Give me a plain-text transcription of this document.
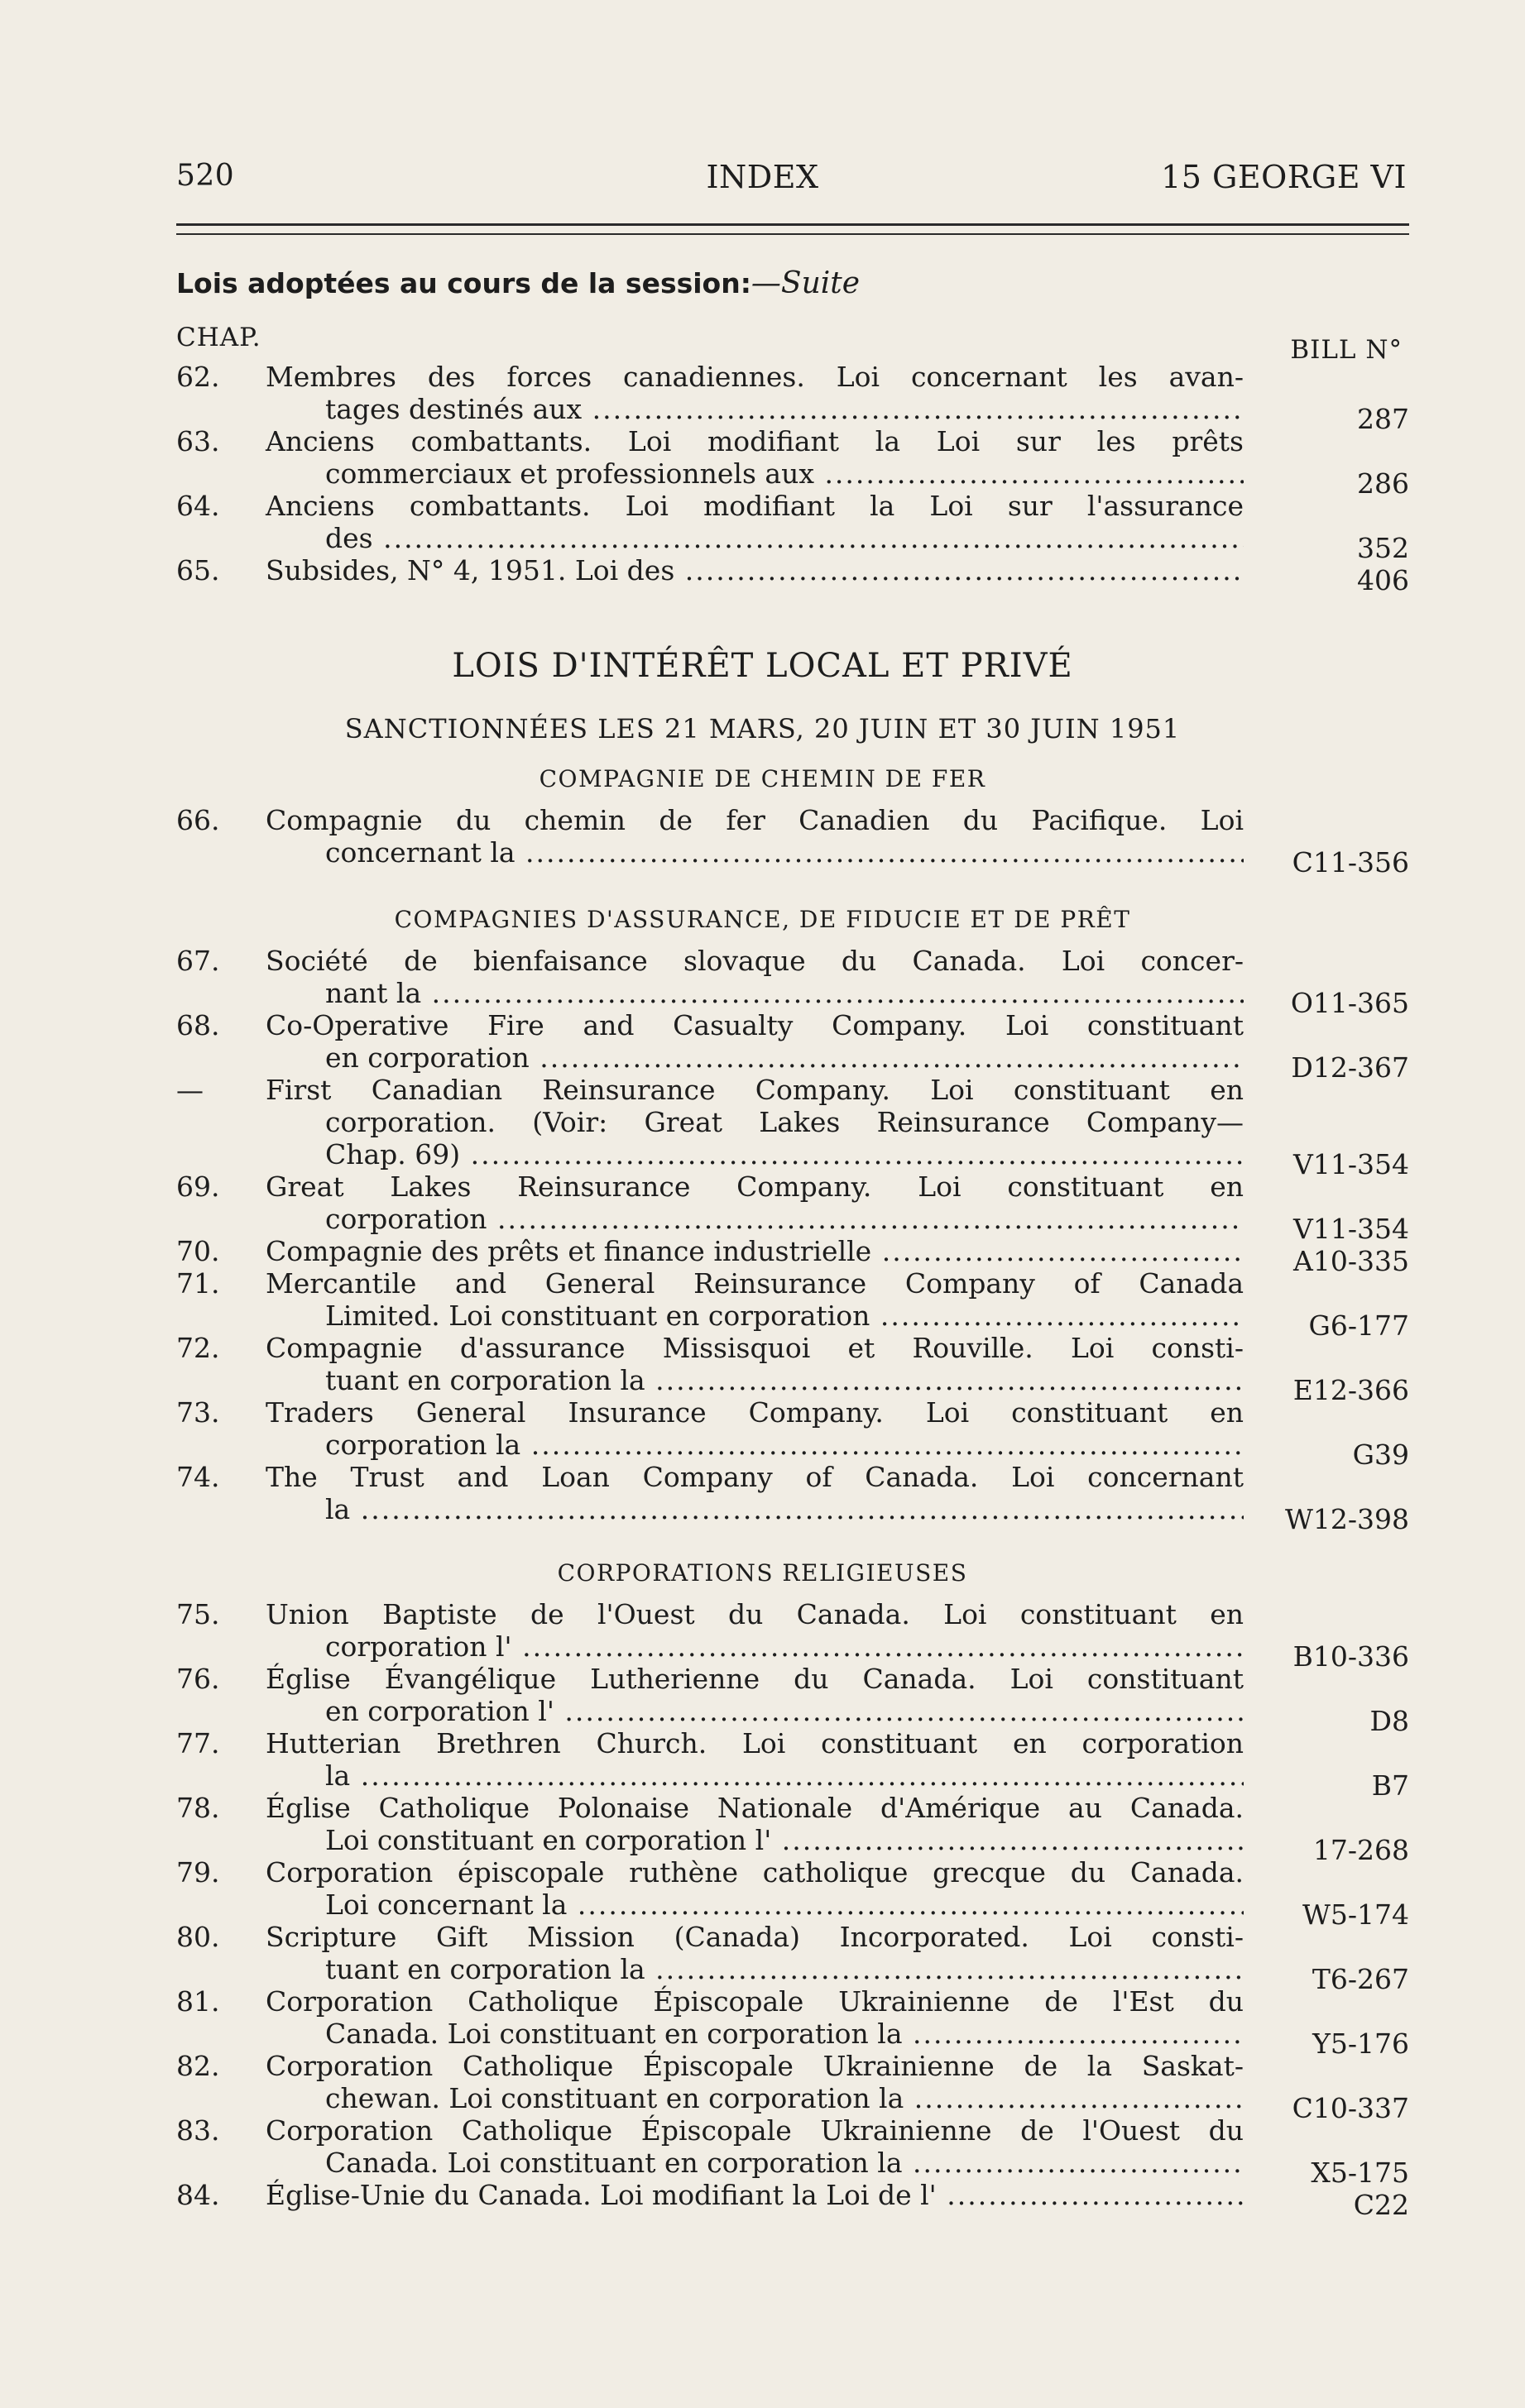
520	INDEX	15 GEORGE VI
Lois adoptées au cours de la session:—Suite
CHAP.	BILL N°
62.	Membres des forces canadiennes. Loi concernant les avan-
tages destinés aux .....	287
63.	Anciens combattants. Loi modifiant la Loi sur les prêts
commerciaux et professionnels aux .....	286
64.	Anciens combattants. Loi modifiant la Loi sur l'assurance
des .....	352
65.	Subsides, N° 4, 1951. Loi des .....	406
LOIS D'INTÉRÊT LOCAL ET PRIVÉ
SANCTIONNÉES LES 21 MARS, 20 JUIN ET 30 JUIN 1951
COMPAGNIE DE CHEMIN DE FER
66.	Compagnie du chemin de fer Canadien du Pacifique. Loi
concernant la .....	C11-356
COMPAGNIES D'ASSURANCE, DE FIDUCIE ET DE PRÊT
67.	Société de bienfaisance slovaque du Canada. Loi concer-
nant la .....	O11-365
68.	Co-Operative Fire and Casualty Company. Loi constituant
en corporation .....	D12-367
—	First Canadian Reinsurance Company. Loi constituant en
corporation. (Voir: Great Lakes Reinsurance Company—
Chap. 69) .....	V11-354
69.	Great Lakes Reinsurance Company. Loi constituant en
corporation .....	V11-354
70.	Compagnie des prêts et finance industrielle .....	A10-335
71.	Mercantile and General Reinsurance Company of Canada
Limited. Loi constituant en corporation .....	G6-177
72.	Compagnie d'assurance Missisquoi et Rouville. Loi consti-
tuant en corporation la .....	E12-366
73.	Traders General Insurance Company. Loi constituant en
corporation la .....	G39
74.	The Trust and Loan Company of Canada. Loi concernant
la .....	W12-398
CORPORATIONS RELIGIEUSES
75.	Union Baptiste de l'Ouest du Canada. Loi constituant en
corporation l' .....	B10-336
76.	Église Évangélique Lutherienne du Canada. Loi constituant
en corporation l' .....	D8
77.	Hutterian Brethren Church. Loi constituant en corporation
la .....	B7
78.	Église Catholique Polonaise Nationale d'Amérique au Canada.
Loi constituant en corporation l' .....	17-268
79.	Corporation épiscopale ruthène catholique grecque du Canada.
Loi concernant la .....	W5-174
80.	Scripture Gift Mission (Canada) Incorporated. Loi consti-
tuant en corporation la .....	T6-267
81.	Corporation Catholique Épiscopale Ukrainienne de l'Est du
Canada. Loi constituant en corporation la .....	Y5-176
82.	Corporation Catholique Épiscopale Ukrainienne de la Saskat-
chewan. Loi constituant en corporation la .....	C10-337
83.	Corporation Catholique Épiscopale Ukrainienne de l'Ouest du
Canada. Loi constituant en corporation la .....	X5-175
84.	Église-Unie du Canada. Loi modifiant la Loi de l' .....	C22
